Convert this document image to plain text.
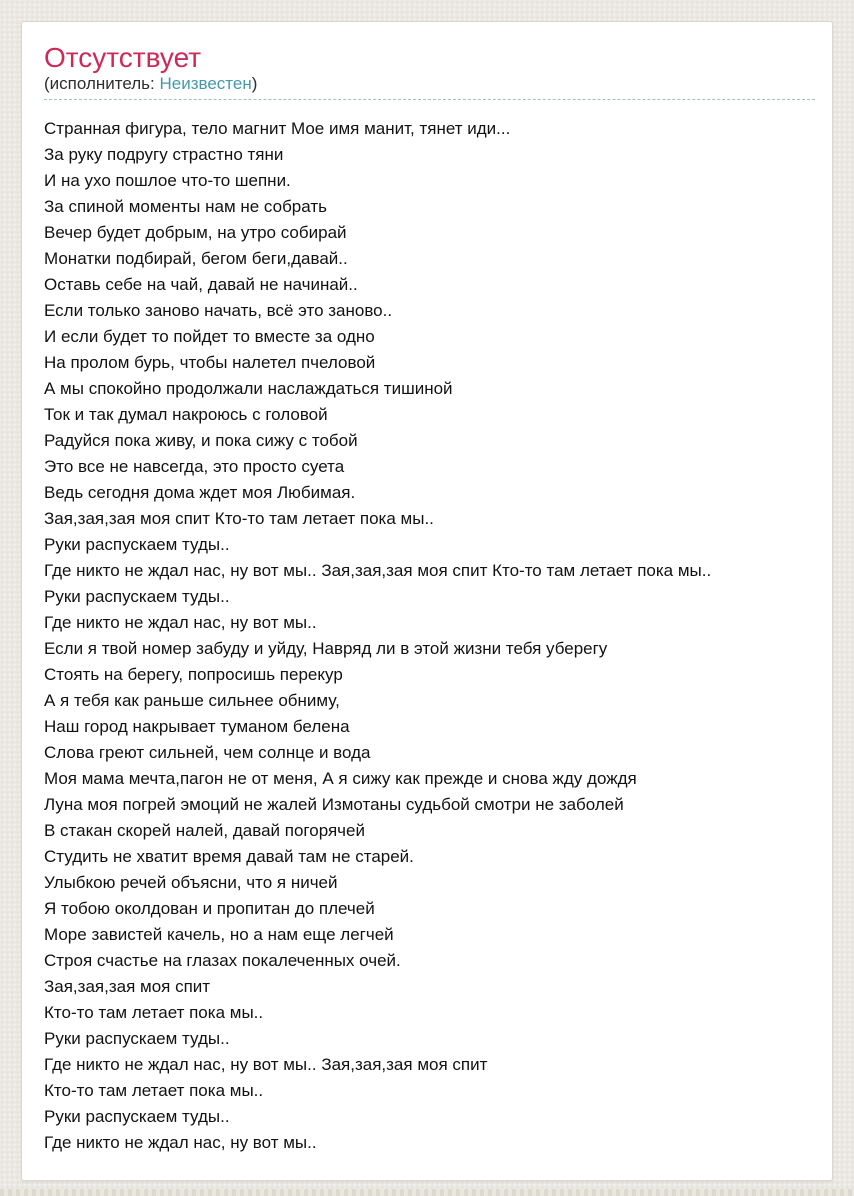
Отсутствует
(исполнитель: Неизвестен)
Странная фигура, тело магнит Мое имя манит, тянет иди...
За руку подругу страстно тяни
И на ухо пошлое что-то шепни.
За спиной моменты нам не собрать
Вечер будет добрым, на утро собирай
Монатки подбирай, бегом беги,давай..
Оставь себе на чай, давай не начинай..
Если только заново начать, всё это заново..
И если будет то пойдет то вместе за одно
На пролом бурь, чтобы налетел пчеловой
А мы спокойно продолжали наслаждаться тишиной
Ток и так думал накроюсь с головой
Радуйся пока живу, и пока сижу с тобой
Это все не навсегда, это просто суета
Ведь сегодня дома ждет моя Любимая.
Зая,зая,зая моя спит Кто-то там летает пока мы..
Руки распускаем туды..
Где никто не ждал нас, ну вот мы.. Зая,зая,зая моя спит Кто-то там летает пока мы..
Руки распускаем туды..
Где никто не ждал нас, ну вот мы..
Если я твой номер забуду и уйду, Навряд ли в этой жизни тебя уберегу
Стоять на берегу, попросишь перекур
А я тебя как раньше сильнее обниму,
Наш город накрывает туманом белена
Слова греют сильней, чем солнце и вода
Моя мама мечта,пагон не от меня, А я сижу как прежде и снова жду дождя
Луна моя погрей эмоций не жалей Измотаны судьбой смотри не заболей
В стакан скорей налей, давай погорячей
Студить не хватит время давай там не старей.
Улыбкою речей объясни, что я ничей
Я тобою околдован и пропитан до плечей
Море завистей качель, но а нам еще легчей
Строя счастье на глазах покалеченных очей.
Зая,зая,зая моя спит
Кто-то там летает пока мы..
Руки распускаем туды..
Где никто не ждал нас, ну вот мы.. Зая,зая,зая моя спит
Кто-то там летает пока мы..
Руки распускаем туды..
Где никто не ждал нас, ну вот мы..
